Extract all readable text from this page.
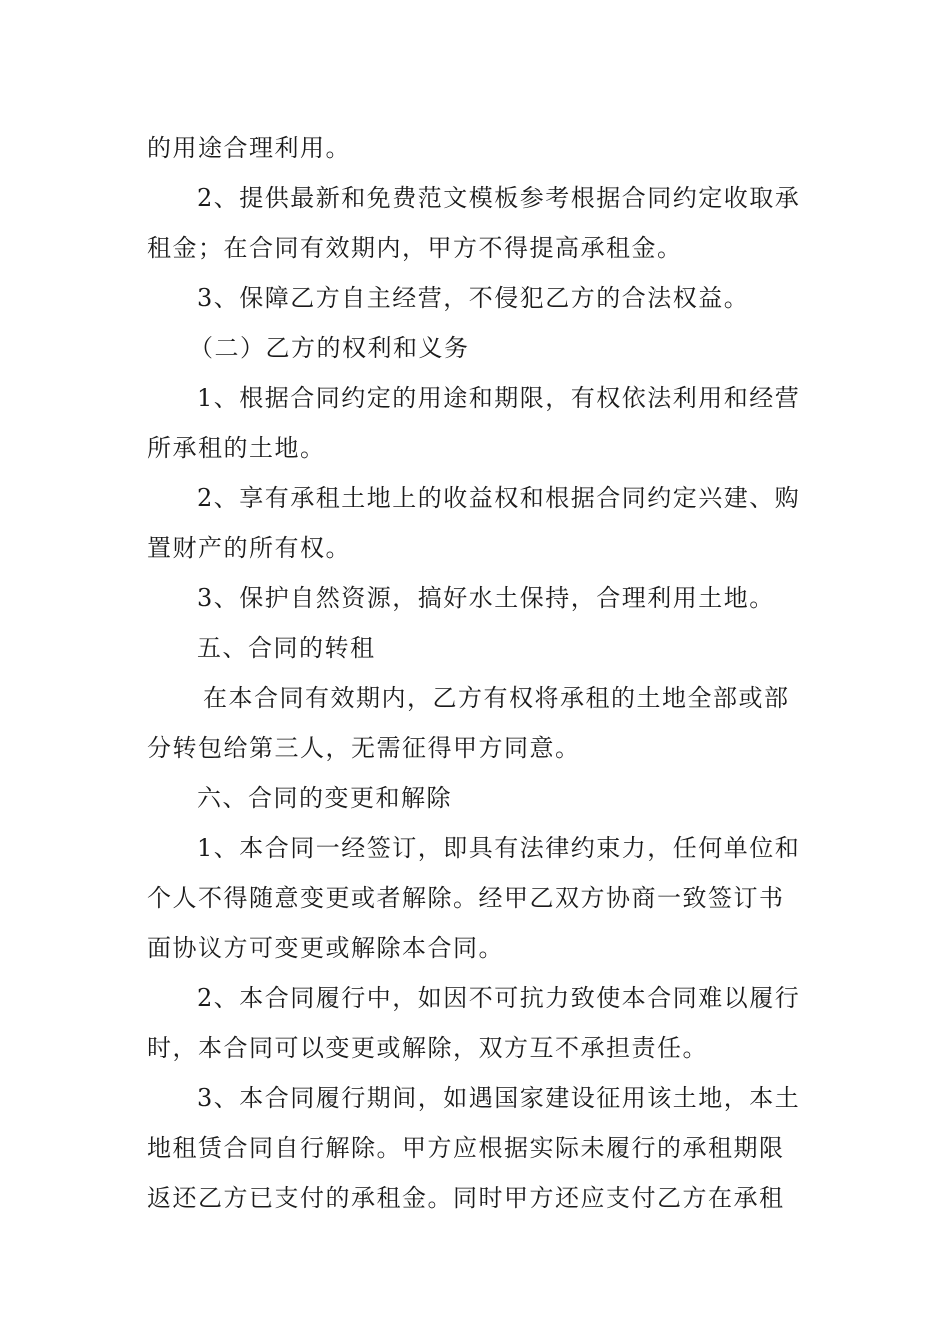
的用途合理利用。

2、提供最新和免费范文模板参考根据合同约定收取承

租金；在合同有效期内，甲方不得提高承租金。

3、保障乙方自主经营，不侵犯乙方的合法权益。

（二）乙方的权利和义务

1、根据合同约定的用途和期限，有权依法利用和经营

所承租的土地。

2、享有承租土地上的收益权和根据合同约定兴建、购

置财产的所有权。

3、保护自然资源，搞好水土保持，合理利用土地。

五、合同的转租

在本合同有效期内，乙方有权将承租的土地全部或部

分转包给第三人，无需征得甲方同意。

六、合同的变更和解除

1、本合同一经签订，即具有法律约束力，任何单位和

个人不得随意变更或者解除。经甲乙双方协商一致签订书

面协议方可变更或解除本合同。

2、本合同履行中，如因不可抗力致使本合同难以履行

时，本合同可以变更或解除，双方互不承担责任。

3、本合同履行期间，如遇国家建设征用该土地，本土

地租赁合同自行解除。甲方应根据实际未履行的承租期限

返还乙方已支付的承租金。同时甲方还应支付乙方在承租
